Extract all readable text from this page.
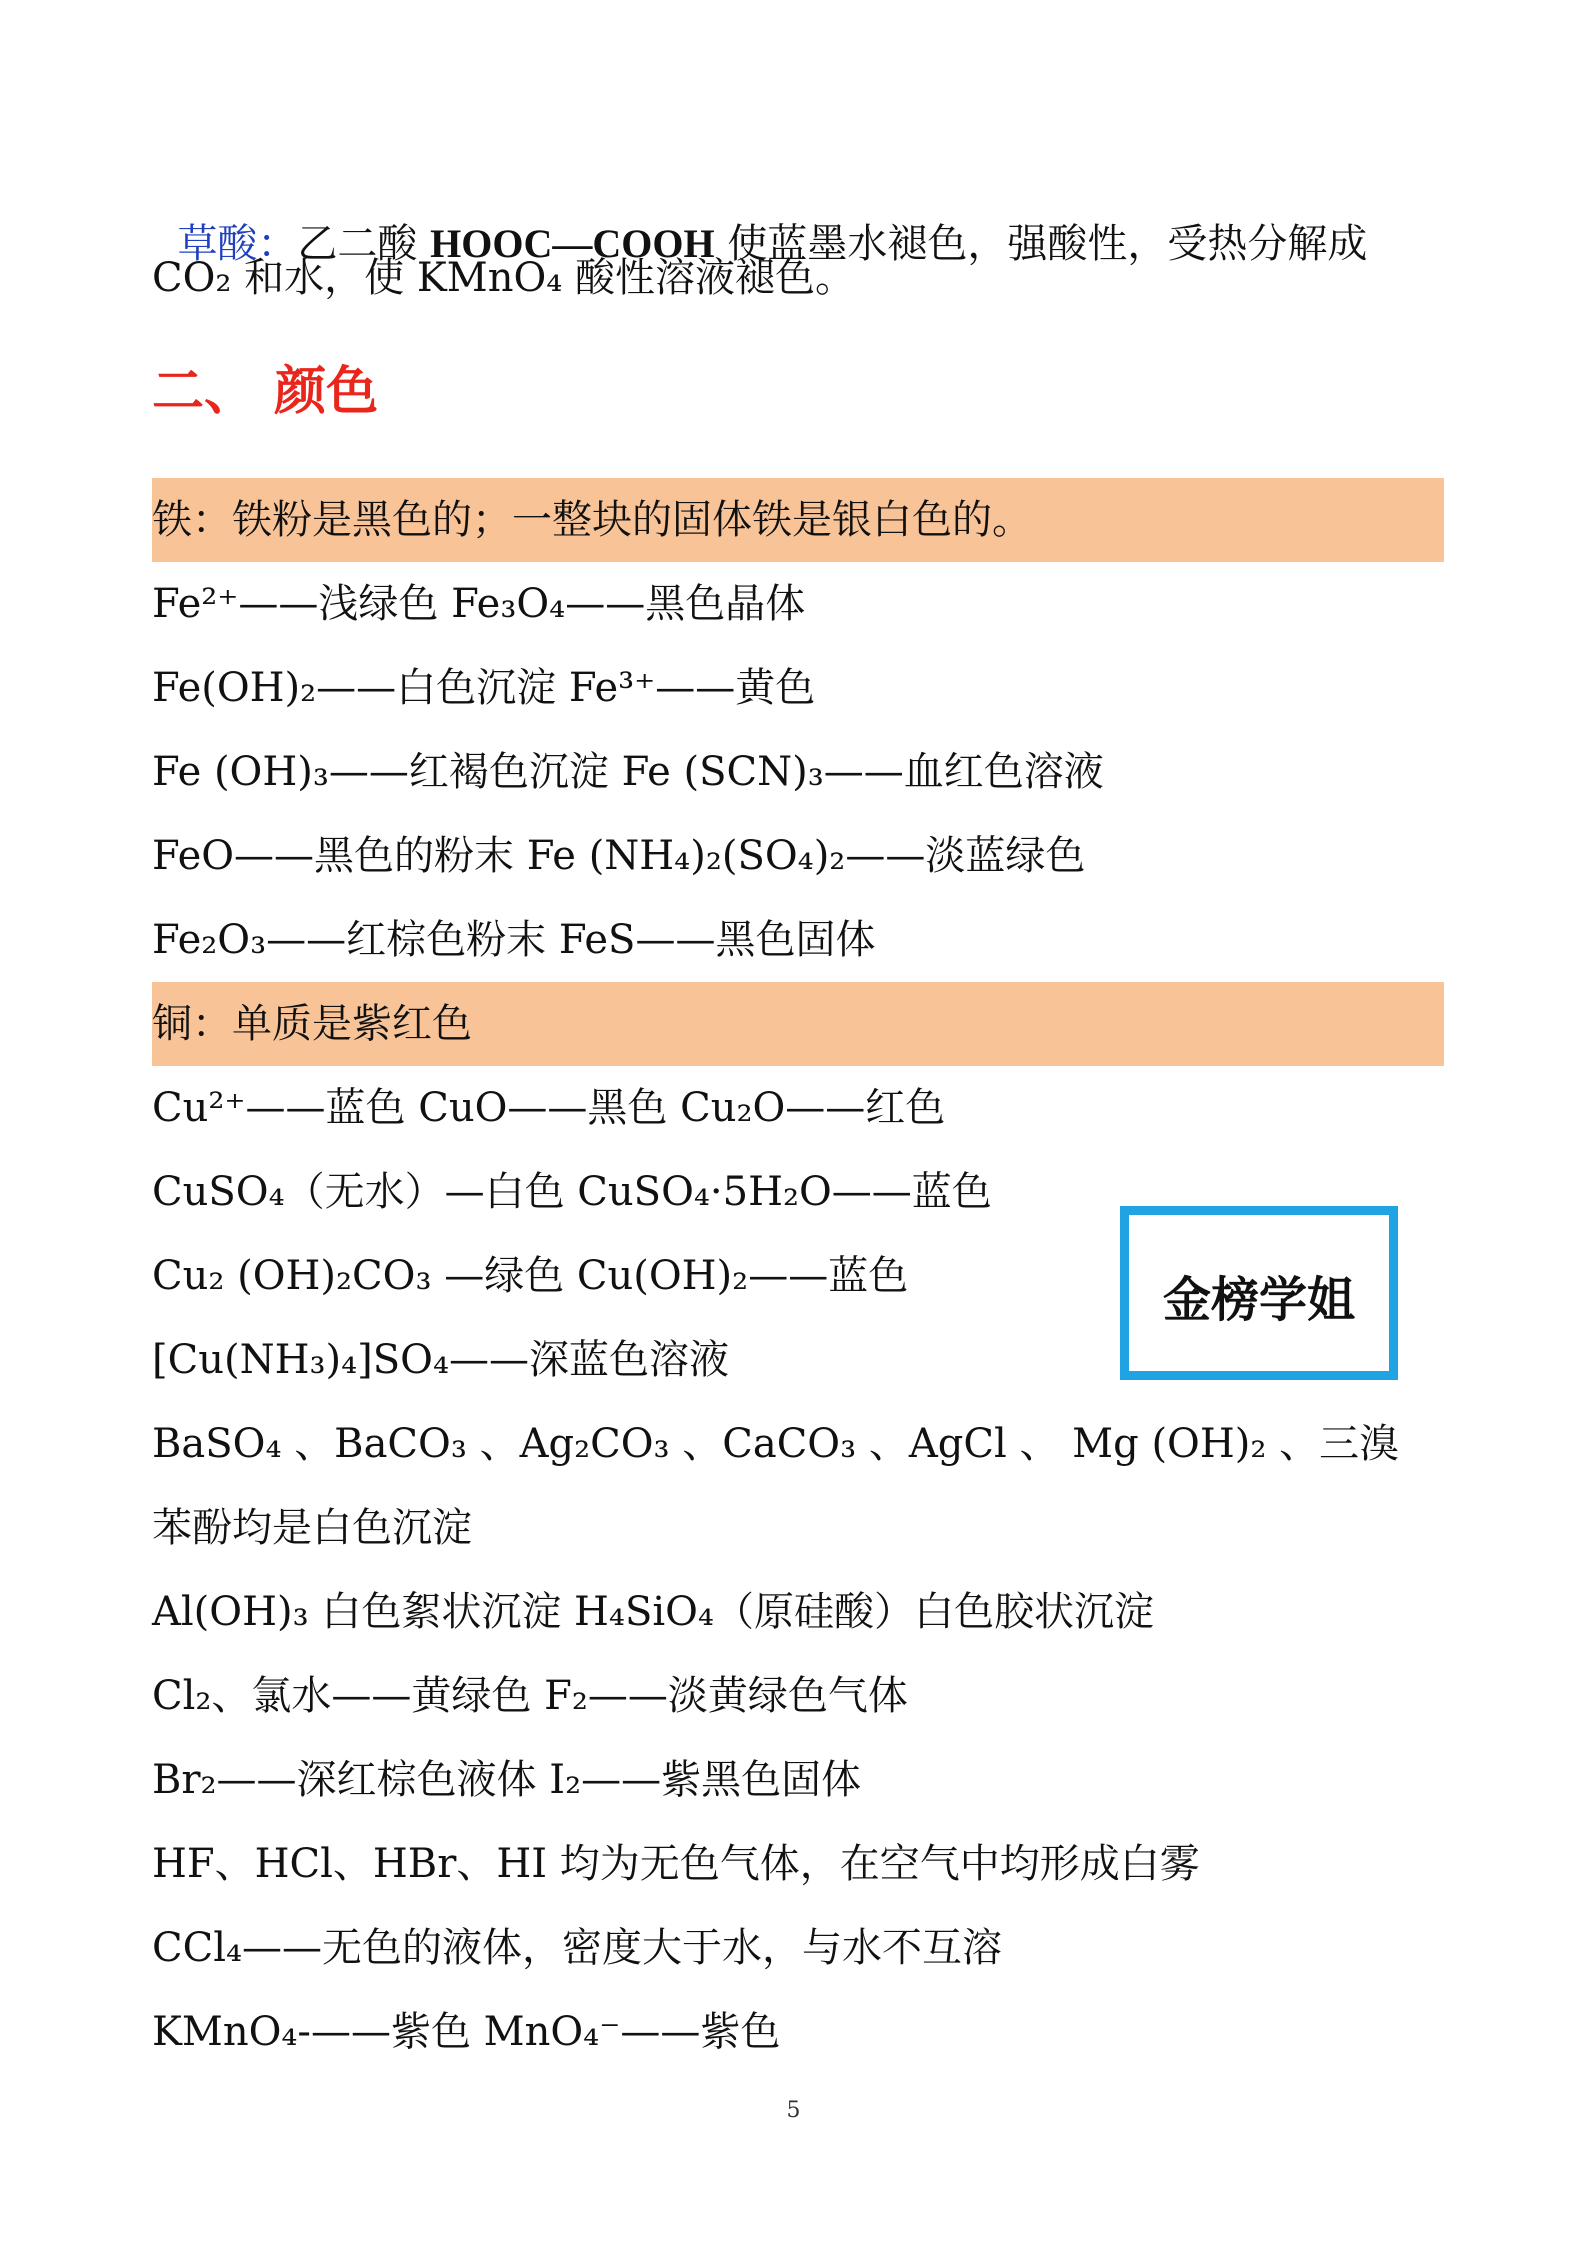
草酸：乙二酸 HOOC—COOH 使蓝墨水褪色，强酸性，受热分解成

CO₂ 和水，使 KMnO₄ 酸性溶液褪色。
二、 颜色
铁：铁粉是黑色的；一整块的固体铁是银白色的。
Fe²⁺——浅绿色 Fe₃O₄——黑色晶体
Fe(OH)₂——白色沉淀 Fe³⁺——黄色
Fe (OH)₃——红褐色沉淀 Fe (SCN)₃——血红色溶液
FeO——黑色的粉末 Fe (NH₄)₂(SO₄)₂——淡蓝绿色
Fe₂O₃——红棕色粉末 FeS——黑色固体
铜：单质是紫红色
Cu²⁺——蓝色 CuO——黑色 Cu₂O——红色
CuSO₄（无水）—白色 CuSO₄·5H₂O——蓝色
Cu₂ (OH)₂CO₃ —绿色 Cu(OH)₂——蓝色
[Cu(NH₃)₄]SO₄——深蓝色溶液
金榜学姐
BaSO₄ 、BaCO₃ 、Ag₂CO₃ 、CaCO₃ 、AgCl 、 Mg (OH)₂ 、三溴
苯酚均是白色沉淀
Al(OH)₃ 白色絮状沉淀 H₄SiO₄（原硅酸）白色胶状沉淀
Cl₂、氯水——黄绿色 F₂——淡黄绿色气体
Br₂——深红棕色液体 I₂——紫黑色固体
HF、HCl、HBr、HI 均为无色气体，在空气中均形成白雾
CCl₄——无色的液体，密度大于水，与水不互溶
KMnO₄-——紫色 MnO₄⁻——紫色
5
